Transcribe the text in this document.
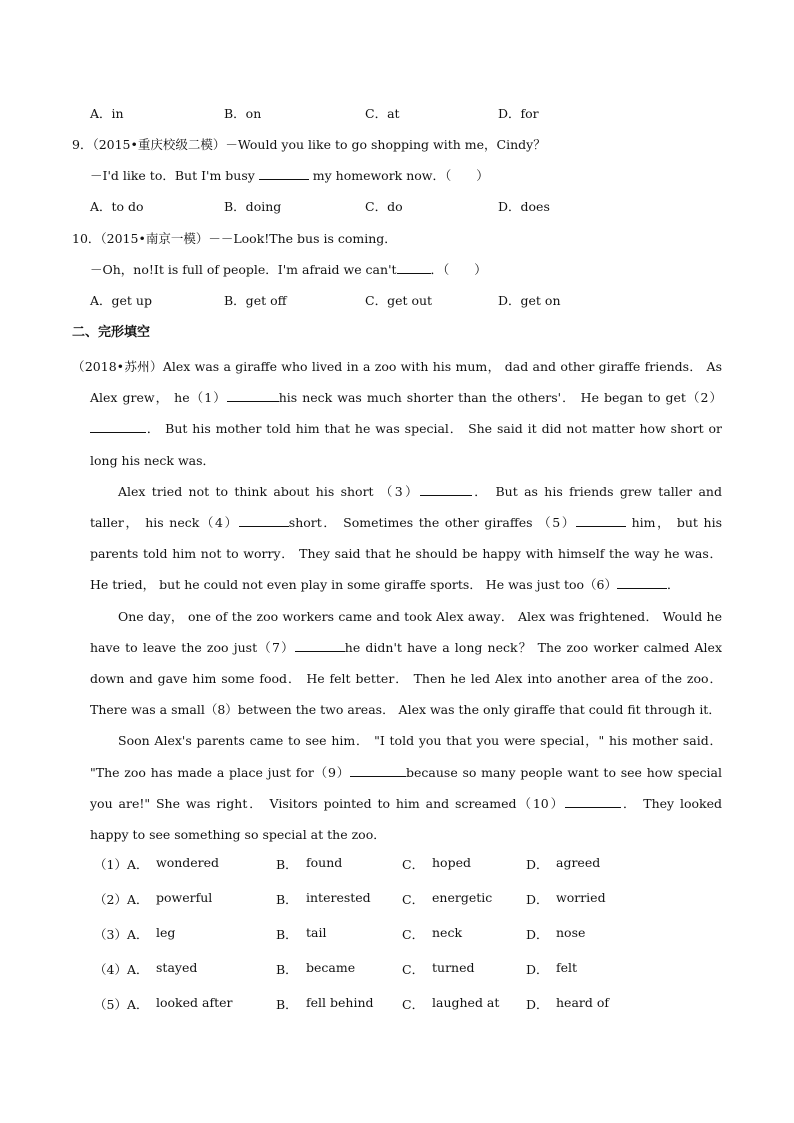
A．in	B．on	C．at	D．for
9．（2015•重庆校级二模）－Would you like to go shopping with me，Cindy？
－I'd like to．But I'm busy	my homework now．（　　）
A．to do	B．doing	C．do	D．does
10．（2015•南京一模）－－Look!The bus is coming．
－Oh，no!It is full of people．I'm afraid we can't	．（　　）
A．get up	B．get off	C．get out	D．get on
二、完形填空

（2018•苏州）Alex was a giraffe who lived in a zoo with his mum， dad and other giraffe friends． As Alex grew， he（1）	his neck was much shorter than the others'． He began to get（2）． But his mother told him that he was special． She said it did not matter how short or long his neck was．

Alex tried not to think about his short （3）	． But as his friends grew taller and taller， his neck（4）	short． Sometimes the other giraffes （5）	him， but his parents told him not to worry． They said that he should be happy with himself the way he was． He tried， but he could not even play in some giraffe sports． He was just too（6）	．

One day， one of the zoo workers came and took Alex away． Alex was frightened． Would he have to leave the zoo just（7）	he didn't have a long neck？ The zoo worker calmed Alex down and gave him some food． He felt better． Then he led Alex into another area of the zoo． There was a small（8）between the two areas． Alex was the only giraffe that could fit through it．

Soon Alex's parents came to see him． "I told you that you were special，" his mother said． "The zoo has made a place just for（9）	because so many people want to see how special you are!" She was right． Visitors pointed to him and screamed（10）	． They looked happy to see something so special at the zoo．

（1）A． wondered	B． found	C． hoped	D． agreed
（2）A． powerful	B． interested	C． energetic	D． worried
（3）A． leg	B． tail	C． neck	D． nose
（4）A． stayed	B． became	C． turned	D． felt
（5）A． looked after	B． fell behind C． laughed at D． heard of
